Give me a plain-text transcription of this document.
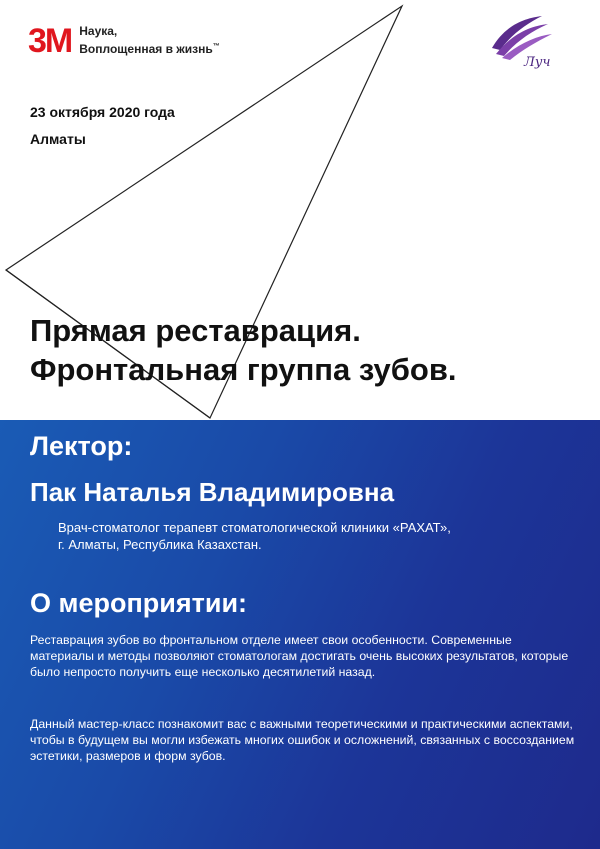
3M Наука,
Воплощенная в жизнь™
Луч
23 октября 2020 года
Алматы
Прямая реставрация.
Фронтальная группа зубов.
Лектор:
Пак Наталья Владимировна
Врач-стоматолог терапевт стоматологической клиники «РАХАТ»,
г. Алматы, Республика Казахстан.
О мероприятии:

Реставрация зубов во фронтальном отделе имеет свои особенности. Современные материалы и методы позволяют стоматологам достигать очень высоких результатов, которые было непросто получить еще несколько десятилетий назад.

Данный мастер-класс познакомит вас с важными теоретическими и практическими аспектами, чтобы в будущем вы могли избежать многих ошибок и осложнений, связанных с воссозданием эстетики, размеров и форм зубов.
